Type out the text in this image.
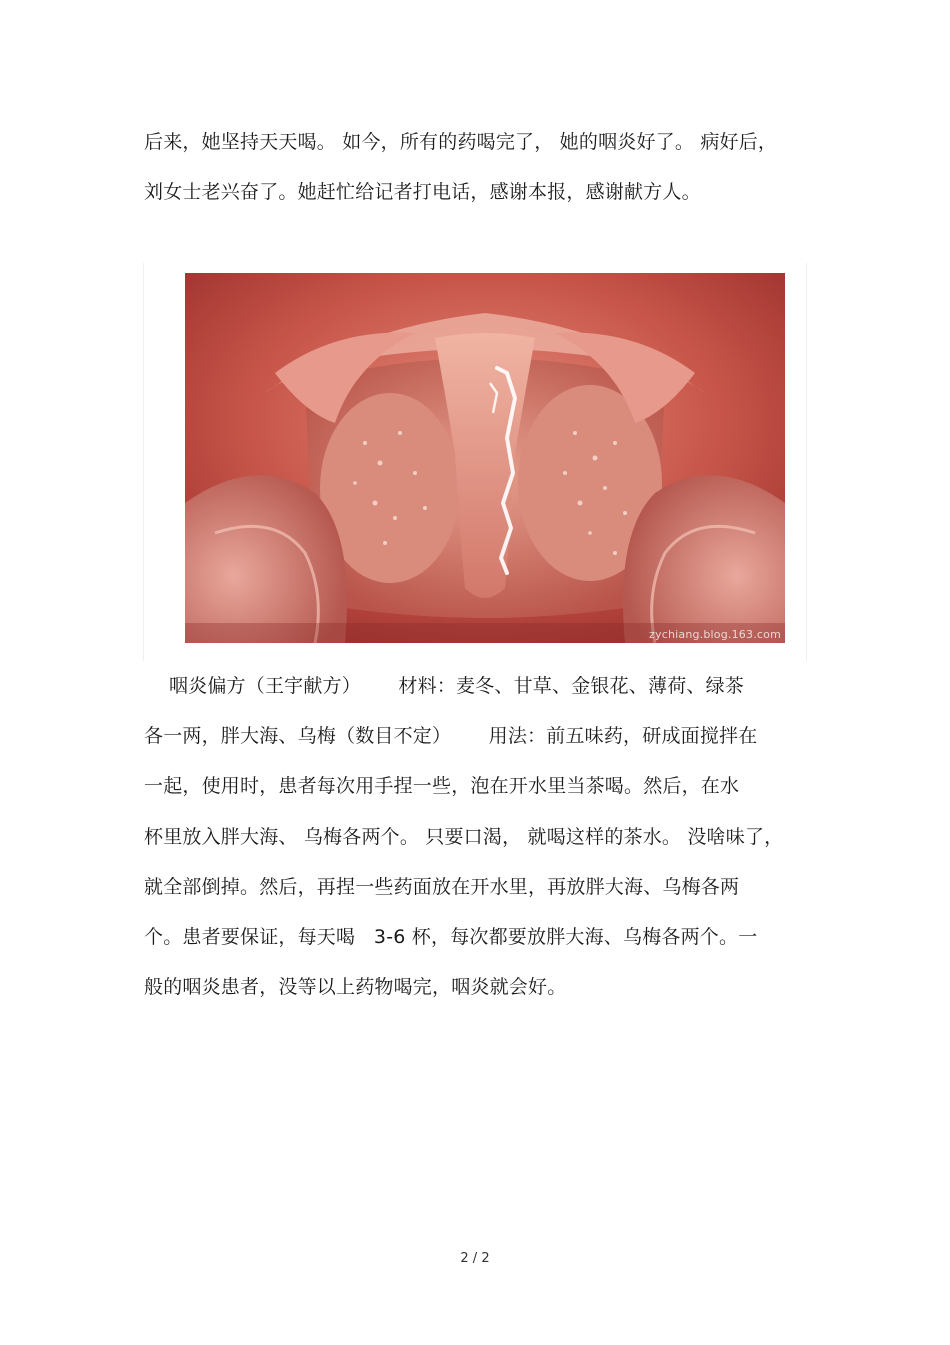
后来，她坚持天天喝。 如今，所有的药喝完了， 她的咽炎好了。 病好后，
刘女士老兴奋了。她赶忙给记者打电话，感谢本报，感谢献方人。
zychiang.blog.163.com
咽炎偏方（王宇献方）      材料：麦冬、甘草、金银花、薄荷、绿茶
各一两，胖大海、乌梅（数目不定）      用法：前五味药，研成面搅拌在
一起，使用时，患者每次用手捏一些，泡在开水里当茶喝。然后，在水
杯里放入胖大海、 乌梅各两个。 只要口渴， 就喝这样的茶水。 没啥味了，
就全部倒掉。然后，再捏一些药面放在开水里，再放胖大海、乌梅各两
个。患者要保证，每天喝   3-6 杯，每次都要放胖大海、乌梅各两个。一
般的咽炎患者，没等以上药物喝完，咽炎就会好。
2 / 2
